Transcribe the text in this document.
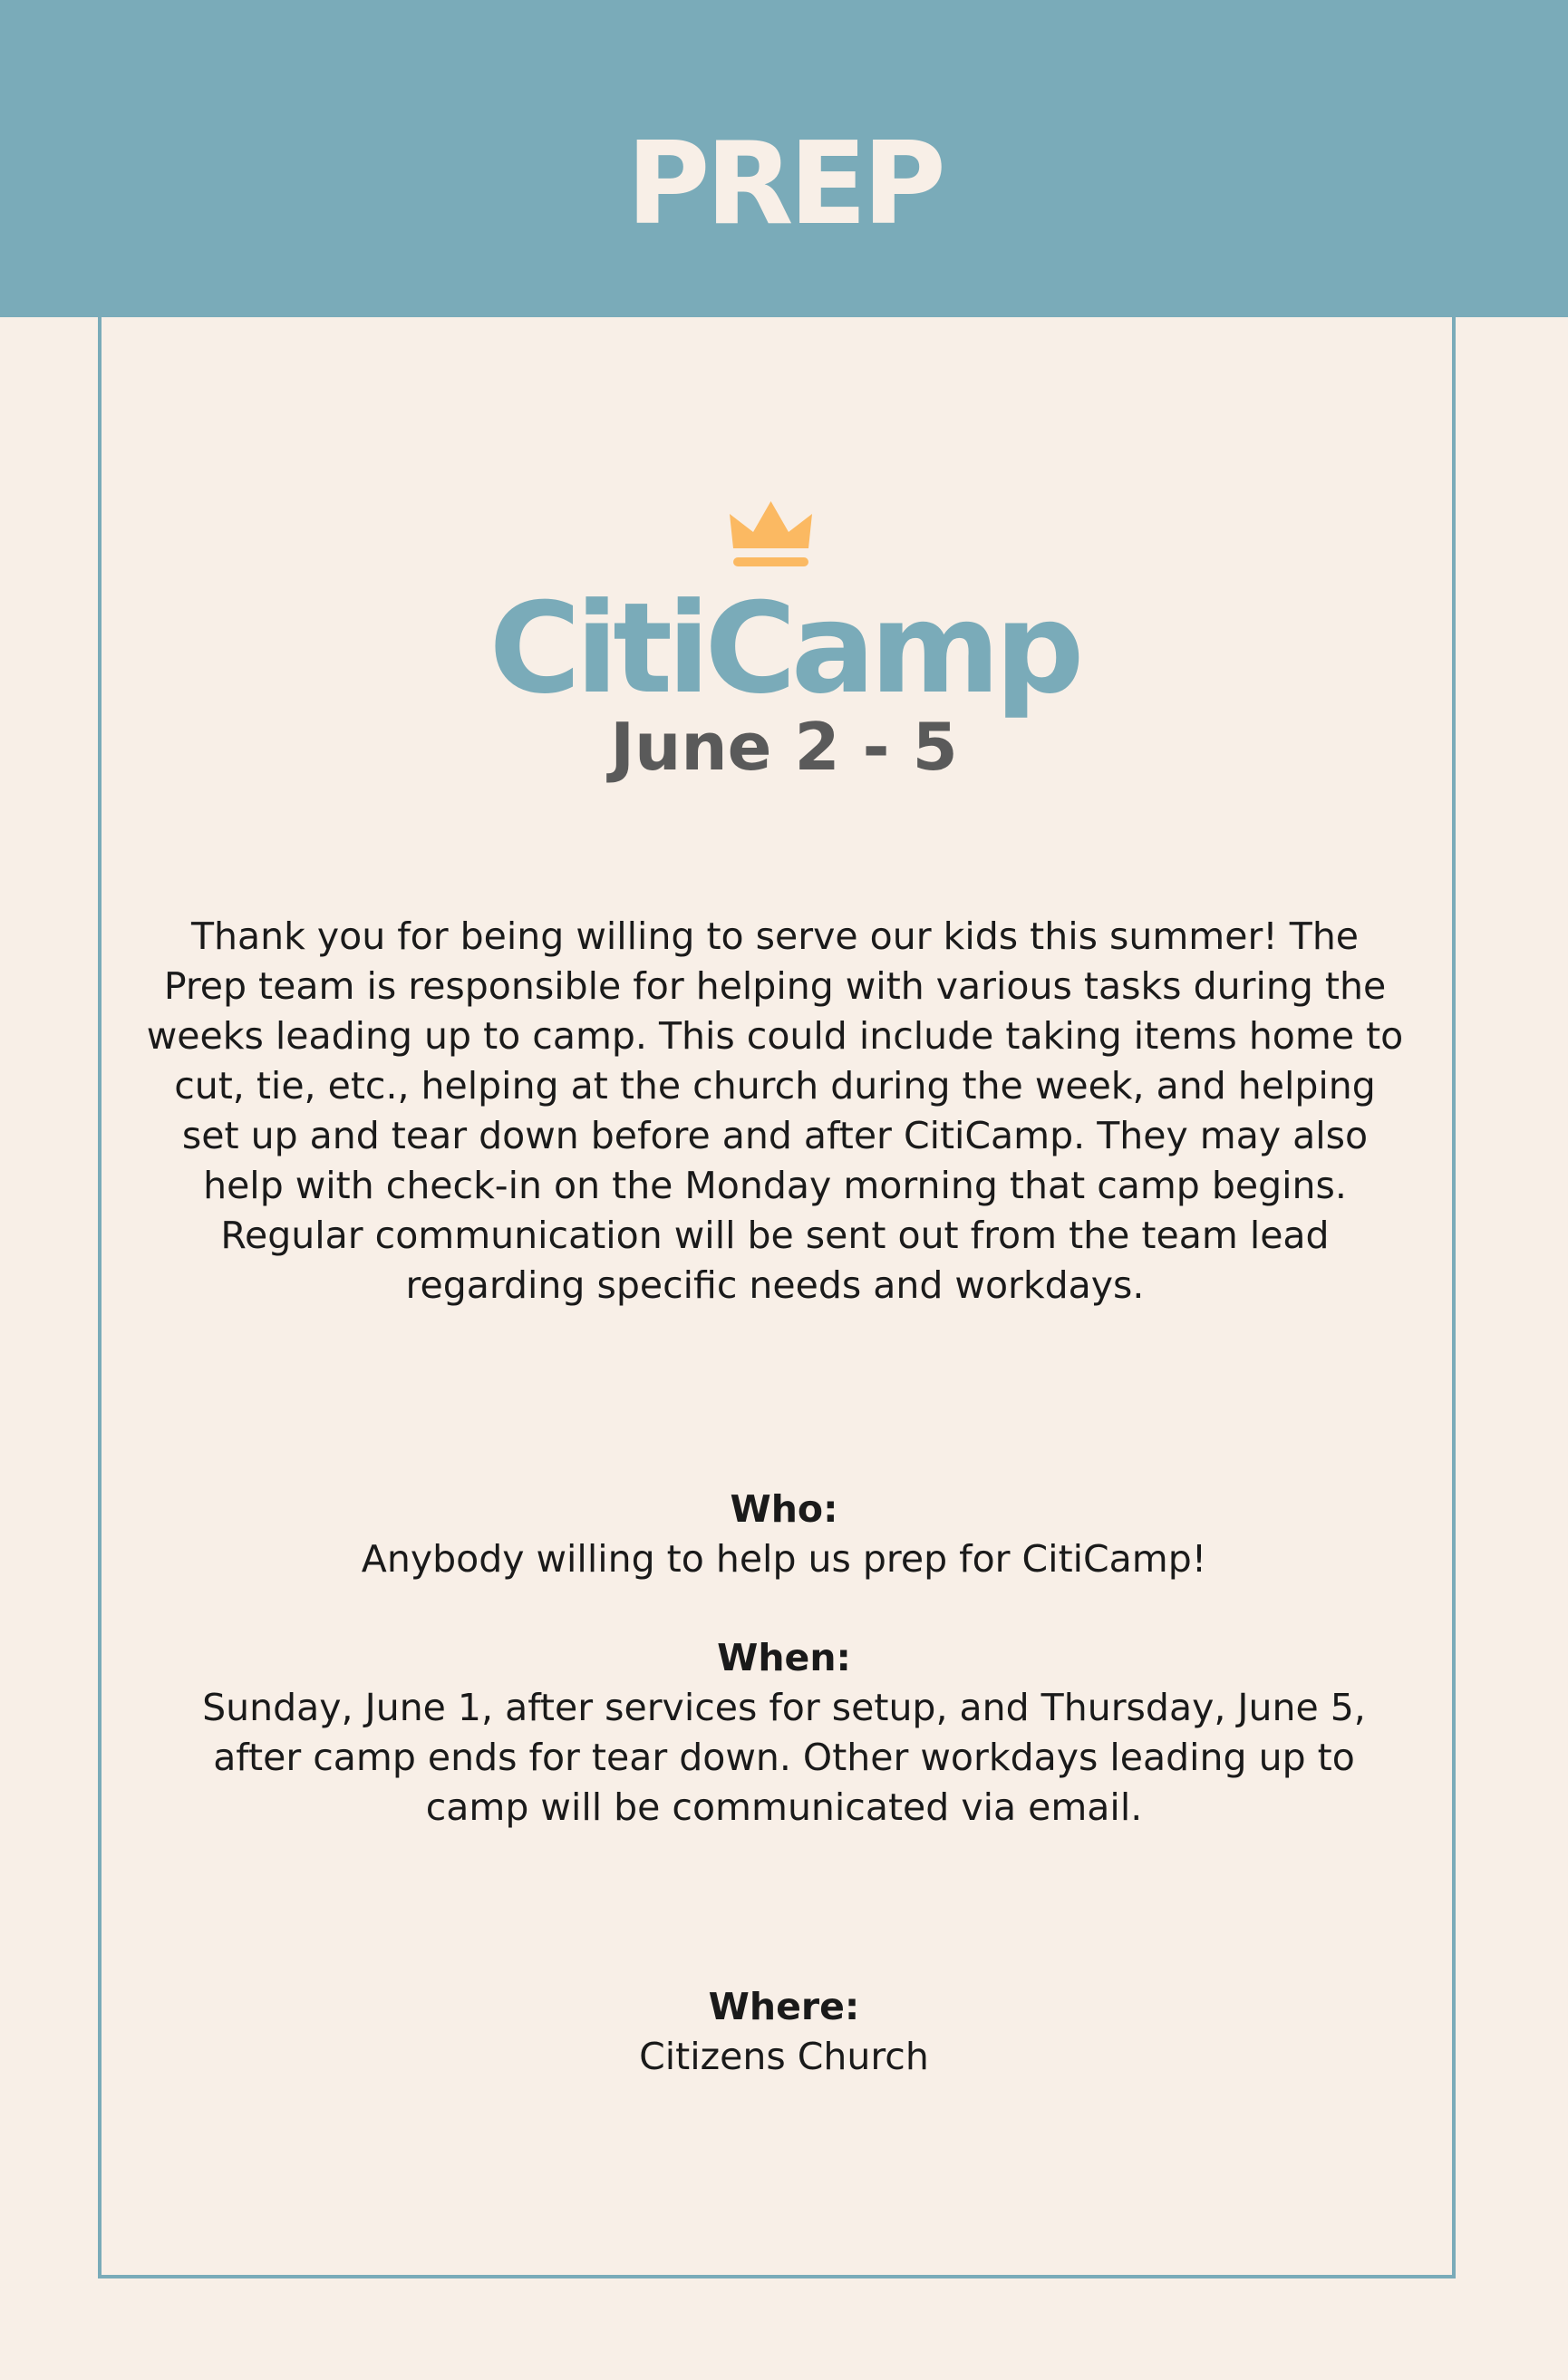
PREP
CitiCamp
June 2 - 5

Thank you for being willing to serve our kids this summer! The Prep team is responsible for helping with various tasks during the weeks leading up to camp. This could include taking items home to cut, tie, etc., helping at the church during the week, and helping set up and tear down before and after CitiCamp. They may also help with check-in on the Monday morning that camp begins. Regular communication will be sent out from the team lead regarding specific needs and workdays.

Who:
Anybody willing to help us prep for CitiCamp!
When:
Sunday, June 1, after services for setup, and Thursday, June 5, after camp ends for tear down. Other workdays leading up to camp will be communicated via email.
Where:
Citizens Church
